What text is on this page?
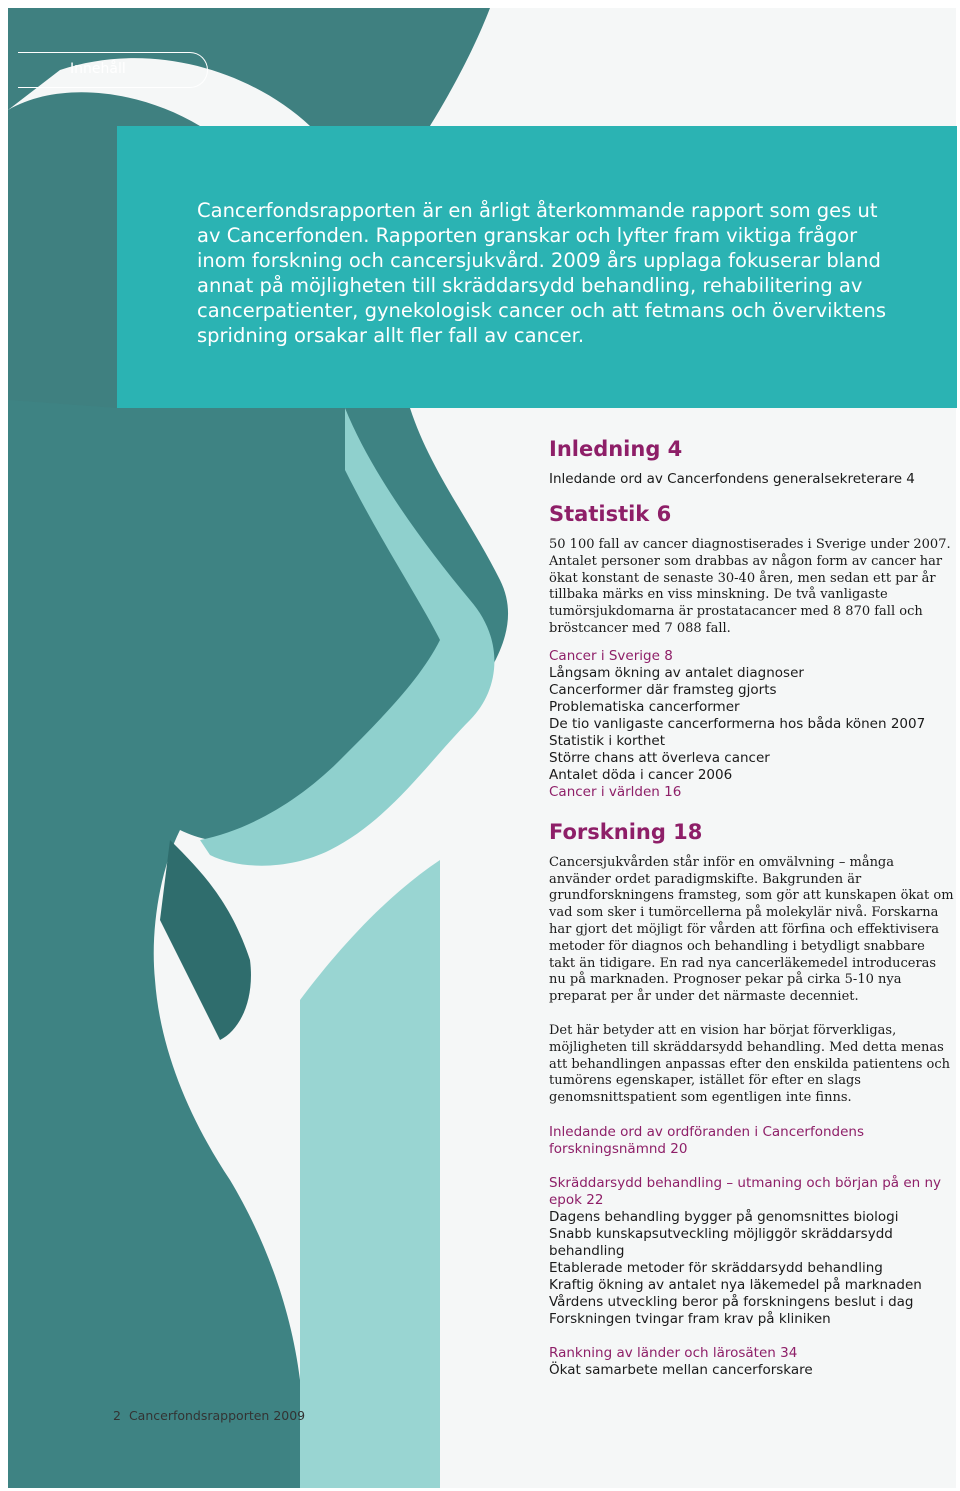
Innehåll

Cancerfondsrapporten är en årligt återkommande rapport som ges ut av Cancerfonden. Rapporten granskar och lyfter fram viktiga frågor inom forskning och cancersjukvård. 2009 års upplaga fokuserar bland annat på möjligheten till skräddarsydd behandling, rehabilitering av cancerpatienter, gynekologisk cancer och att fetmans och överviktens spridning orsakar allt fler fall av cancer.

Inledning 4

Inledande ord av Cancerfondens generalsekreterare 4

Statistik 6

50 100 fall av cancer diagnostiserades i Sverige under 2007. Antalet personer som drabbas av någon form av cancer har ökat konstant de senaste 30-40 åren, men sedan ett par år tillbaka märks en viss minskning. De två vanligaste tumörsjukdomarna är prostatacancer med 8 870 fall och bröstcancer med 7 088 fall.

Cancer i Sverige 8

Långsam ökning av antalet diagnoser

Cancerformer där framsteg gjorts

Problematiska cancerformer

De tio vanligaste cancerformerna hos båda könen 2007

Statistik i korthet

Större chans att överleva cancer

Antalet döda i cancer 2006

Cancer i världen 16

Forskning 18

Cancersjukvården står inför en omvälvning – många använder ordet paradigmskifte. Bakgrunden är grundforskningens framsteg, som gör att kunskapen ökat om vad som sker i tumörcellerna på molekylär nivå. Forskarna har gjort det möjligt för vården att förfina och effektivisera metoder för diagnos och behandling i betydligt snabbare takt än tidigare. En rad nya cancerläkemedel introduceras nu på marknaden. Prognoser pekar på cirka 5-10 nya preparat per år under det närmaste decenniet.

Det här betyder att en vision har börjat förverkligas, möjligheten till skräddarsydd behandling. Med detta menas att behandlingen anpassas efter den enskilda patientens och tumörens egenskaper, istället för efter en slags genomsnittspatient som egentligen inte finns.

Inledande ord av ordföranden i Cancerfondens forskningsnämnd 20

Skräddarsydd behandling – utmaning och början på en ny epok 22

Dagens behandling bygger på genomsnittes biologi

Snabb kunskapsutveckling möjliggör skräddarsydd behandling

Etablerade metoder för skräddarsydd behandling

Kraftig ökning av antalet nya läkemedel på marknaden

Vårdens utveckling beror på forskningens beslut i dag

Forskningen tvingar fram krav på kliniken

Rankning av länder och lärosäten 34

Ökat samarbete mellan cancerforskare

2 Cancerfondsrapporten 2009
